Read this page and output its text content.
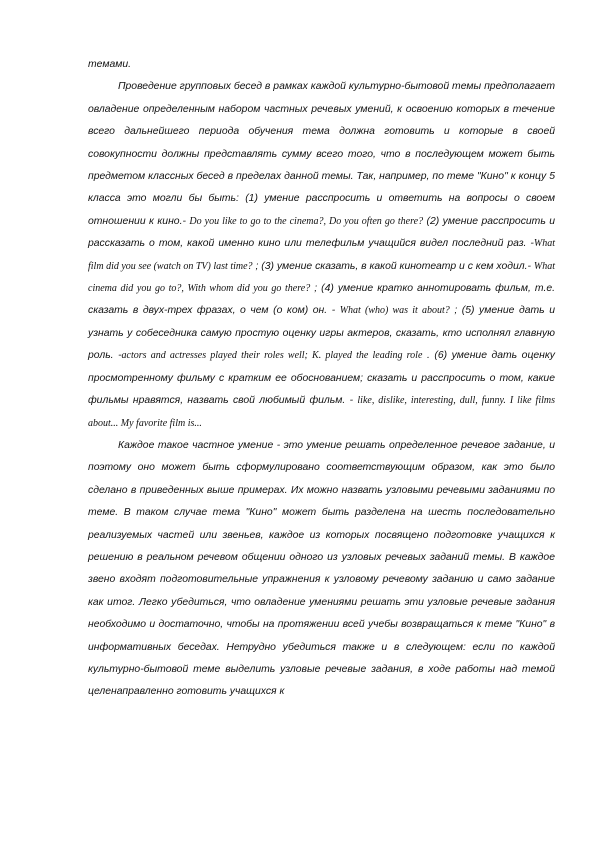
темами.

Проведение групповых бесед в рамках каждой культурно-бытовой темы предполагает овладение определенным набором частных речевых умений, к освоению которых в течение всего дальнейшего периода обучения тема должна готовить и которые в своей совокупности должны представлять сумму всего того, что в последующем может быть предметом классных бесед в пределах данной темы. Так, например, по теме "Кино" к концу 5 класса это могли бы быть: (1) умение расспросить и ответить на вопросы о своем отношении к кино.- Do you like to go to the cinema?, Do you often go there? (2) умение расспросить и рассказать о том, какой именно кино или телефильм учащийся видел последний раз. -What film did you see (watch on TV) last time? ; (3) умение сказать, в какой кинотеатр и с кем ходил.- What cinema did you go to?, With whom did you go there? ; (4) умение кратко аннотировать фильм, т.е. сказать в двух-трех фразах, о чем (о ком) он. - What (who) was it about? ; (5) умение дать и узнать у собеседника самую простую оценку игры актеров, сказать, кто исполнял главную роль. -actors and actresses played their roles well; K. played the leading role . (6) умение дать оценку просмотренному фильму с кратким ее обоснованием; сказать и расспросить о том, какие фильмы нравятся, назвать свой любимый фильм. - like, dislike, interesting, dull, funny. I like films about... My favorite film is...

Каждое такое частное умение - это умение решать определенное речевое задание, и поэтому оно может быть сформулировано соответствующим образом, как это было сделано в приведенных выше примерах. Их можно назвать узловыми речевыми заданиями по теме. В таком случае тема "Кино" может быть разделена на шесть последовательно реализуемых частей или звеньев, каждое из которых посвящено подготовке учащихся к решению в реальном речевом общении одного из узловых речевых заданий темы. В каждое звено входят подготовительные упражнения к узловому речевому заданию и само задание как итог. Легко убедиться, что овладение умениями решать эти узловые речевые задания необходимо и достаточно, чтобы на протяжении всей учебы возвращаться к теме "Кино" в информативных беседах. Нетрудно убедиться также и в следующем: если по каждой культурно-бытовой теме выделить узловые речевые задания, в ходе работы над темой целенаправленно готовить учащихся к
